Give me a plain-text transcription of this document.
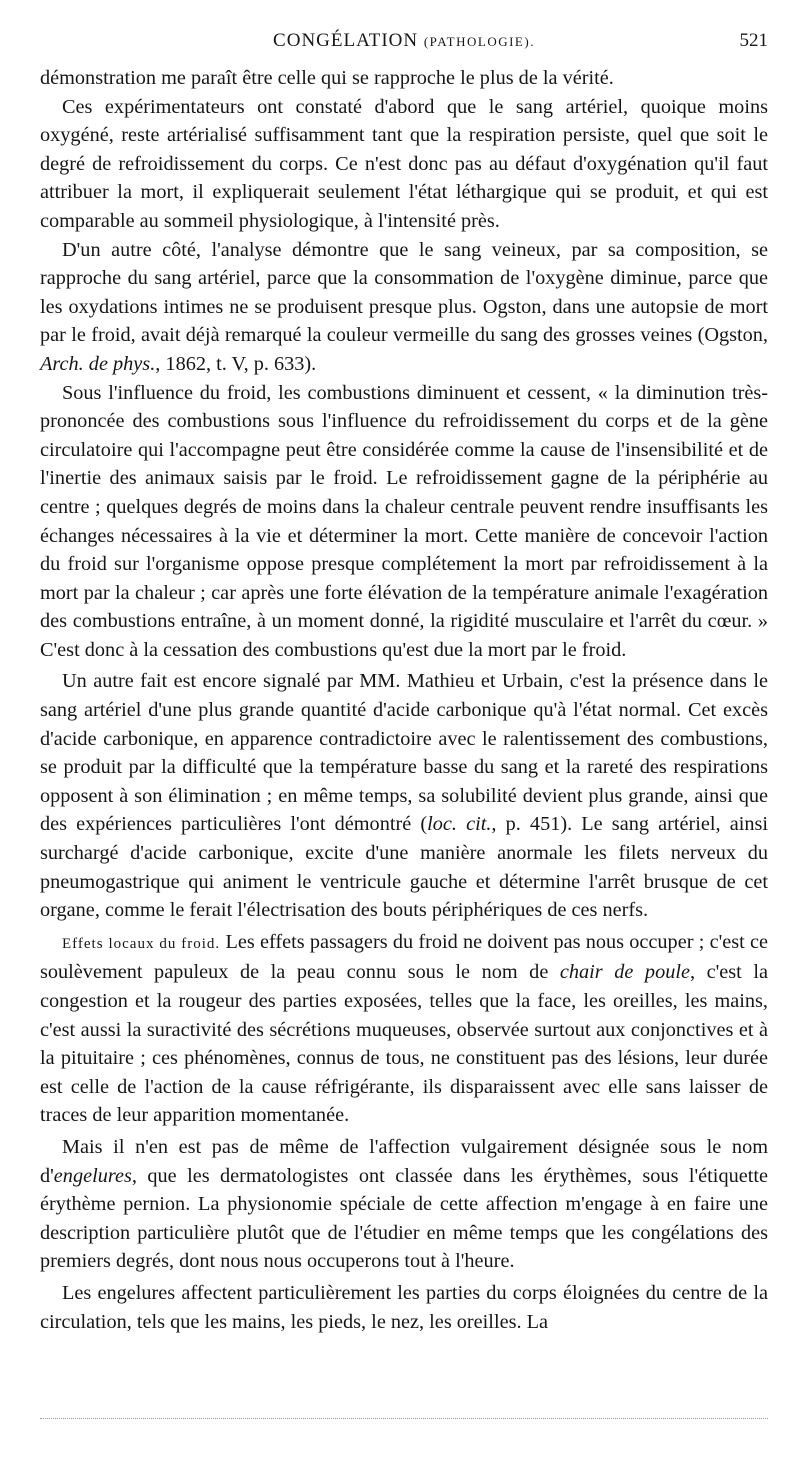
CONGÉLATION (PATHOLOGIE).	521

démonstration me paraît être celle qui se rapproche le plus de la vérité.

Ces expérimentateurs ont constaté d'abord que le sang artériel, quoique moins oxygéné, reste artérialisé suffisamment tant que la respiration persiste, quel que soit le degré de refroidissement du corps. Ce n'est donc pas au défaut d'oxygénation qu'il faut attribuer la mort, il expliquerait seulement l'état léthargique qui se produit, et qui est comparable au sommeil physiologique, à l'intensité près.

D'un autre côté, l'analyse démontre que le sang veineux, par sa composition, se rapproche du sang artériel, parce que la consommation de l'oxygène diminue, parce que les oxydations intimes ne se produisent presque plus. Ogston, dans une autopsie de mort par le froid, avait déjà remarqué la couleur vermeille du sang des grosses veines (Ogston, Arch. de phys., 1862, t. V, p. 633).

Sous l'influence du froid, les combustions diminuent et cessent, « la diminution très-prononcée des combustions sous l'influence du refroidissement du corps et de la gène circulatoire qui l'accompagne peut être considérée comme la cause de l'insensibilité et de l'inertie des animaux saisis par le froid. Le refroidissement gagne de la périphérie au centre ; quelques degrés de moins dans la chaleur centrale peuvent rendre insuffisants les échanges nécessaires à la vie et déterminer la mort. Cette manière de concevoir l'action du froid sur l'organisme oppose presque complétement la mort par refroidissement à la mort par la chaleur ; car après une forte élévation de la température animale l'exagération des combustions entraîne, à un moment donné, la rigidité musculaire et l'arrêt du cœur. » C'est donc à la cessation des combustions qu'est due la mort par le froid.

Un autre fait est encore signalé par MM. Mathieu et Urbain, c'est la présence dans le sang artériel d'une plus grande quantité d'acide carbonique qu'à l'état normal. Cet excès d'acide carbonique, en apparence contradictoire avec le ralentissement des combustions, se produit par la difficulté que la température basse du sang et la rareté des respirations opposent à son élimination ; en même temps, sa solubilité devient plus grande, ainsi que des expériences particulières l'ont démontré (loc. cit., p. 451). Le sang artériel, ainsi surchargé d'acide carbonique, excite d'une manière anormale les filets nerveux du pneumogastrique qui animent le ventricule gauche et détermine l'arrêt brusque de cet organe, comme le ferait l'électrisation des bouts périphériques de ces nerfs.

Effets locaux du froid. Les effets passagers du froid ne doivent pas nous occuper ; c'est ce soulèvement papuleux de la peau connu sous le nom de chair de poule, c'est la congestion et la rougeur des parties exposées, telles que la face, les oreilles, les mains, c'est aussi la suractivité des sécrétions muqueuses, observée surtout aux conjonctives et à la pituitaire ; ces phénomènes, connus de tous, ne constituent pas des lésions, leur durée est celle de l'action de la cause réfrigérante, ils disparaissent avec elle sans laisser de traces de leur apparition momentanée.

Mais il n'en est pas de même de l'affection vulgairement désignée sous le nom d'engelures, que les dermatologistes ont classée dans les érythèmes, sous l'étiquette érythème pernion. La physionomie spéciale de cette affection m'engage à en faire une description particulière plutôt que de l'étudier en même temps que les congélations des premiers degrés, dont nous nous occuperons tout à l'heure.

Les engelures affectent particulièrement les parties du corps éloignées du centre de la circulation, tels que les mains, les pieds, le nez, les oreilles. La
